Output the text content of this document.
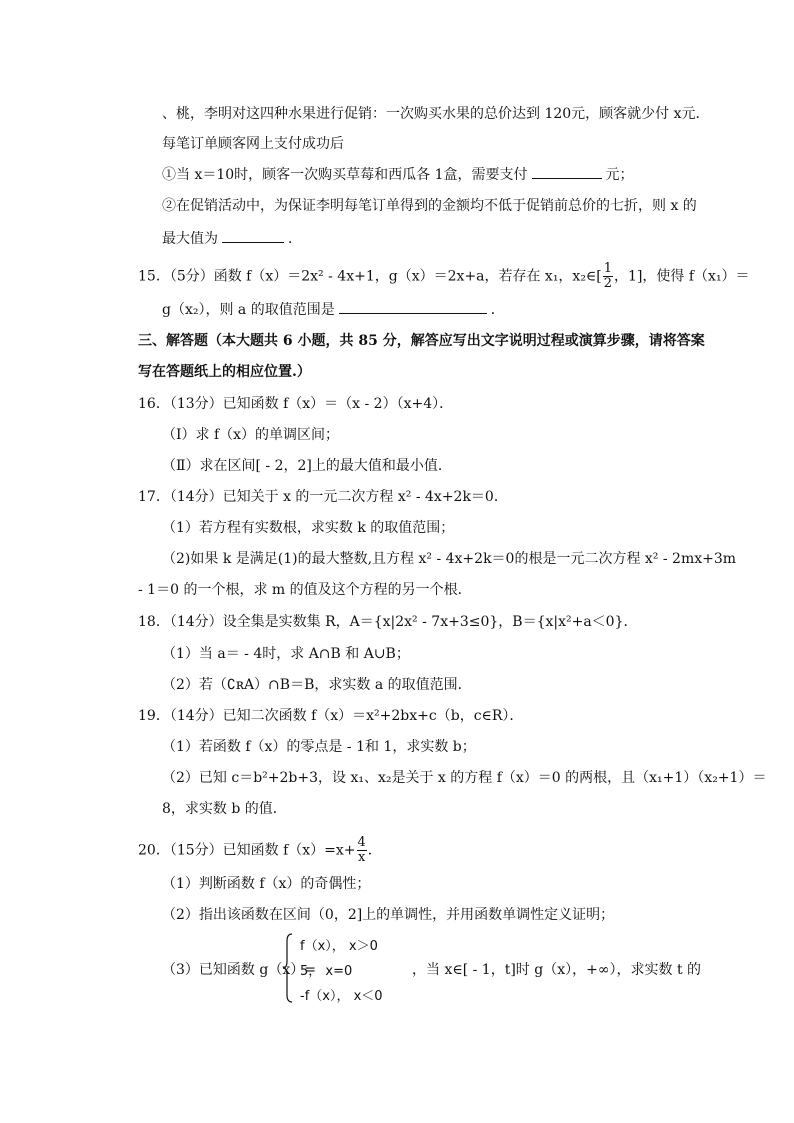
、桃，李明对这四种水果进行促销：一次购买水果的总价达到 120元，顾客就少付 x元．
每笔订单顾客网上支付成功后
①当 x＝10时，顾客一次购买草莓和西瓜各 1盒，需要支付	元；
②在促销活动中，为保证李明每笔订单得到的金额均不低于促销前总价的七折，则 x 的
最大值为	．
15．（5分）函数 f（x）＝2x² - 4x+1，g（x）＝2x+a，若存在 x₁，x₂∈[ $\frac{1}{2}$ ，1]，使得 f（x₁）＝
g（x₂），则 a 的取值范围是	．
三、解答题（本大题共 6 小题，共 85 分，解答应写出文字说明过程或演算步骤，请将答案
写在答题纸上的相应位置.）
16．（13分）已知函数 f（x）＝（x - 2）（x+4）．
（Ⅰ）求 f（x）的单调区间；
（Ⅱ）求在区间[ - 2，2]上的最大值和最小值．
17．（14分）已知关于 x 的一元二次方程 x² - 4x+2k＝0．
（1）若方程有实数根，求实数 k 的取值范围；
（2)如果 k 是满足(1)的最大整数,且方程 x² - 4x+2k＝0的根是一元二次方程 x² - 2mx+3m
- 1＝0 的一个根，求 m 的值及这个方程的另一个根．
18．（14分）设全集是实数集 R，A＝{x|2x² - 7x+3≤0}，B＝{x|x²+a＜0}．
（1）当 a＝ - 4时，求 A∩B 和 A∪B；
（2）若（∁ʀA）∩B＝B，求实数 a 的取值范围．
19．（14分）已知二次函数 f（x）＝x²+2bx+c（b，c∈R）．
（1）若函数 f（x）的零点是 - 1和 1，求实数 b；
（2）已知 c＝b²+2b+3，设 x₁、x₂是关于 x 的方程 f（x）＝0 的两根，且（x₁+1）（x₂+1）＝
8，求实数 b 的值．
20．（15分）已知函数 $f(x)=x+ \frac{4}{x}$ ．
（1）判断函数 f（x）的奇偶性；
（2）指出该函数在区间（0，2]上的单调性，并用函数单调性定义证明；
（3）已知函数 g（x）=
f（x）， x＞0
5， x=0
-f（x）， x＜0
，当 x∈[ - 1，t]时 g（x），+∞），求实数 t 的
